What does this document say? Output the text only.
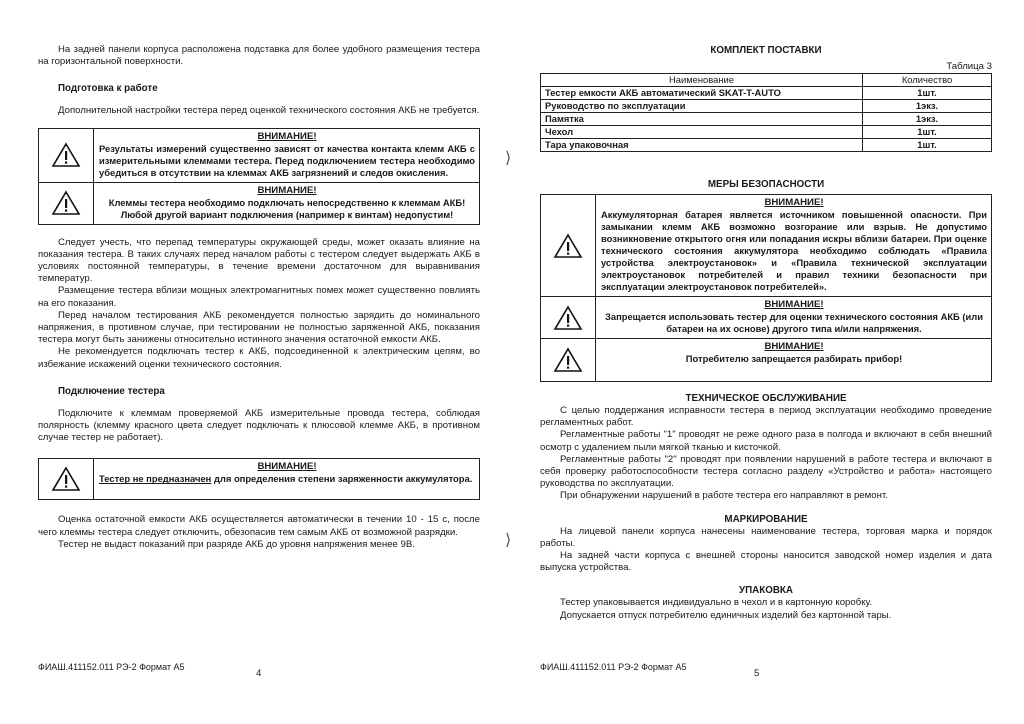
На задней панели корпуса расположена подставка для более удобного размещения тестера на горизонтальной поверхности.

Подготовка к работе

Дополнительной настройки тестера перед оценкой технического состояния АКБ не требуется.

ВНИМАНИЕ!
Результаты измерений существенно зависят от качества контакта клемм АКБ с измерительными клеммами тестера. Перед подключением тестера необходимо убедиться в отсутствии на клеммах АКБ загрязнений и следов окисления.
ВНИМАНИЕ!
Клеммы тестера необходимо подключать непосредственно к клеммам АКБ! Любой другой вариант подключения (например к винтам) недопустим!

Следует учесть, что перепад температуры окружающей среды, может оказать влияние на показания тестера. В таких случаях перед началом работы с тестером следует выдержать АКБ в условиях постоянной температуры, в течение времени достаточном для выравнивания температур.

Размещение тестера вблизи мощных электромагнитных помех может существенно повлиять на его показания.

Перед началом тестирования АКБ рекомендуется полностью зарядить до номинального напряжения, в противном случае, при тестировании не полностью заряженной АКБ, показания тестера могут быть занижены относительно истинного значения остаточной емкости АКБ.

Не рекомендуется подключать тестер к АКБ, подсоединенной к электрическим цепям, во избежание искажений оценки технического состояния.

Подключение тестера

Подключите к клеммам проверяемой АКБ измерительные провода тестера, соблюдая полярность (клемму красного цвета следует подключать к плюсовой клемме АКБ, в противном случае тестер не работает).

ВНИМАНИЕ!
Тестер не предназначен для определения степени заряженности аккумулятора.

Оценка остаточной емкости АКБ осуществляется автоматически в течении 10 - 15 с, после чего клеммы тестера следует отключить, обезопасив тем самым АКБ от возможной разрядки.

Тестер не выдаст показаний при разряде АКБ до уровня напряжения менее 9В.

ФИАШ.411152.011 РЭ-2 Формат А5
4
⟩
⟩
КОМПЛЕКТ ПОСТАВКИ
Таблица 3
Наименование	Количество
Тестер емкости АКБ автоматический SKAT-T-AUTO	1шт.
Руководство по эксплуатации	1экз.
Памятка	1экз.
Чехол	1шт.
Тара упаковочная	1шт.
МЕРЫ БЕЗОПАСНОСТИ
ВНИМАНИЕ!
Аккумуляторная батарея является источником повышенной опасности. При замыкании клемм АКБ возможно возгорание или взрыв. Не допустимо возникновение открытого огня или попадания искры вблизи батареи. При оценке технического состояния аккумулятора необходимо соблюдать «Правила устройства электроустановок» и «Правила технической эксплуатации электроустановок потребителей и правил техники безопасности при эксплуатации электроустановок потребителей».
ВНИМАНИЕ!
Запрещается использовать тестер для оценки технического состояния АКБ (или батареи на их основе) другого типа и/или напряжения.
ВНИМАНИЕ!
Потребителю запрещается разбирать прибор!
ТЕХНИЧЕСКОЕ ОБСЛУЖИВАНИЕ

С целью поддержания исправности тестера в период эксплуатации необходимо проведение регламентных работ.

Регламентные работы "1" проводят не реже одного раза в полгода и включают в себя внешний осмотр с удалением пыли мягкой тканью и кисточкой.

Регламентные работы "2" проводят при появлении нарушений в работе тестера и включают в себя проверку работоспособности тестера согласно разделу «Устройство и работа» настоящего руководства по эксплуатации.

При обнаружении нарушений в работе тестера его направляют в ремонт.

МАРКИРОВАНИЕ

На лицевой панели корпуса нанесены наименование тестера, торговая марка и порядок работы.

На задней части корпуса с внешней стороны наносится заводской номер изделия и дата выпуска устройства.

УПАКОВКА

Тестер упаковывается индивидуально в чехол и в картонную коробку.

Допускается отпуск потребителю единичных изделий без картонной тары.

ФИАШ.411152.011 РЭ-2 Формат А5
5
